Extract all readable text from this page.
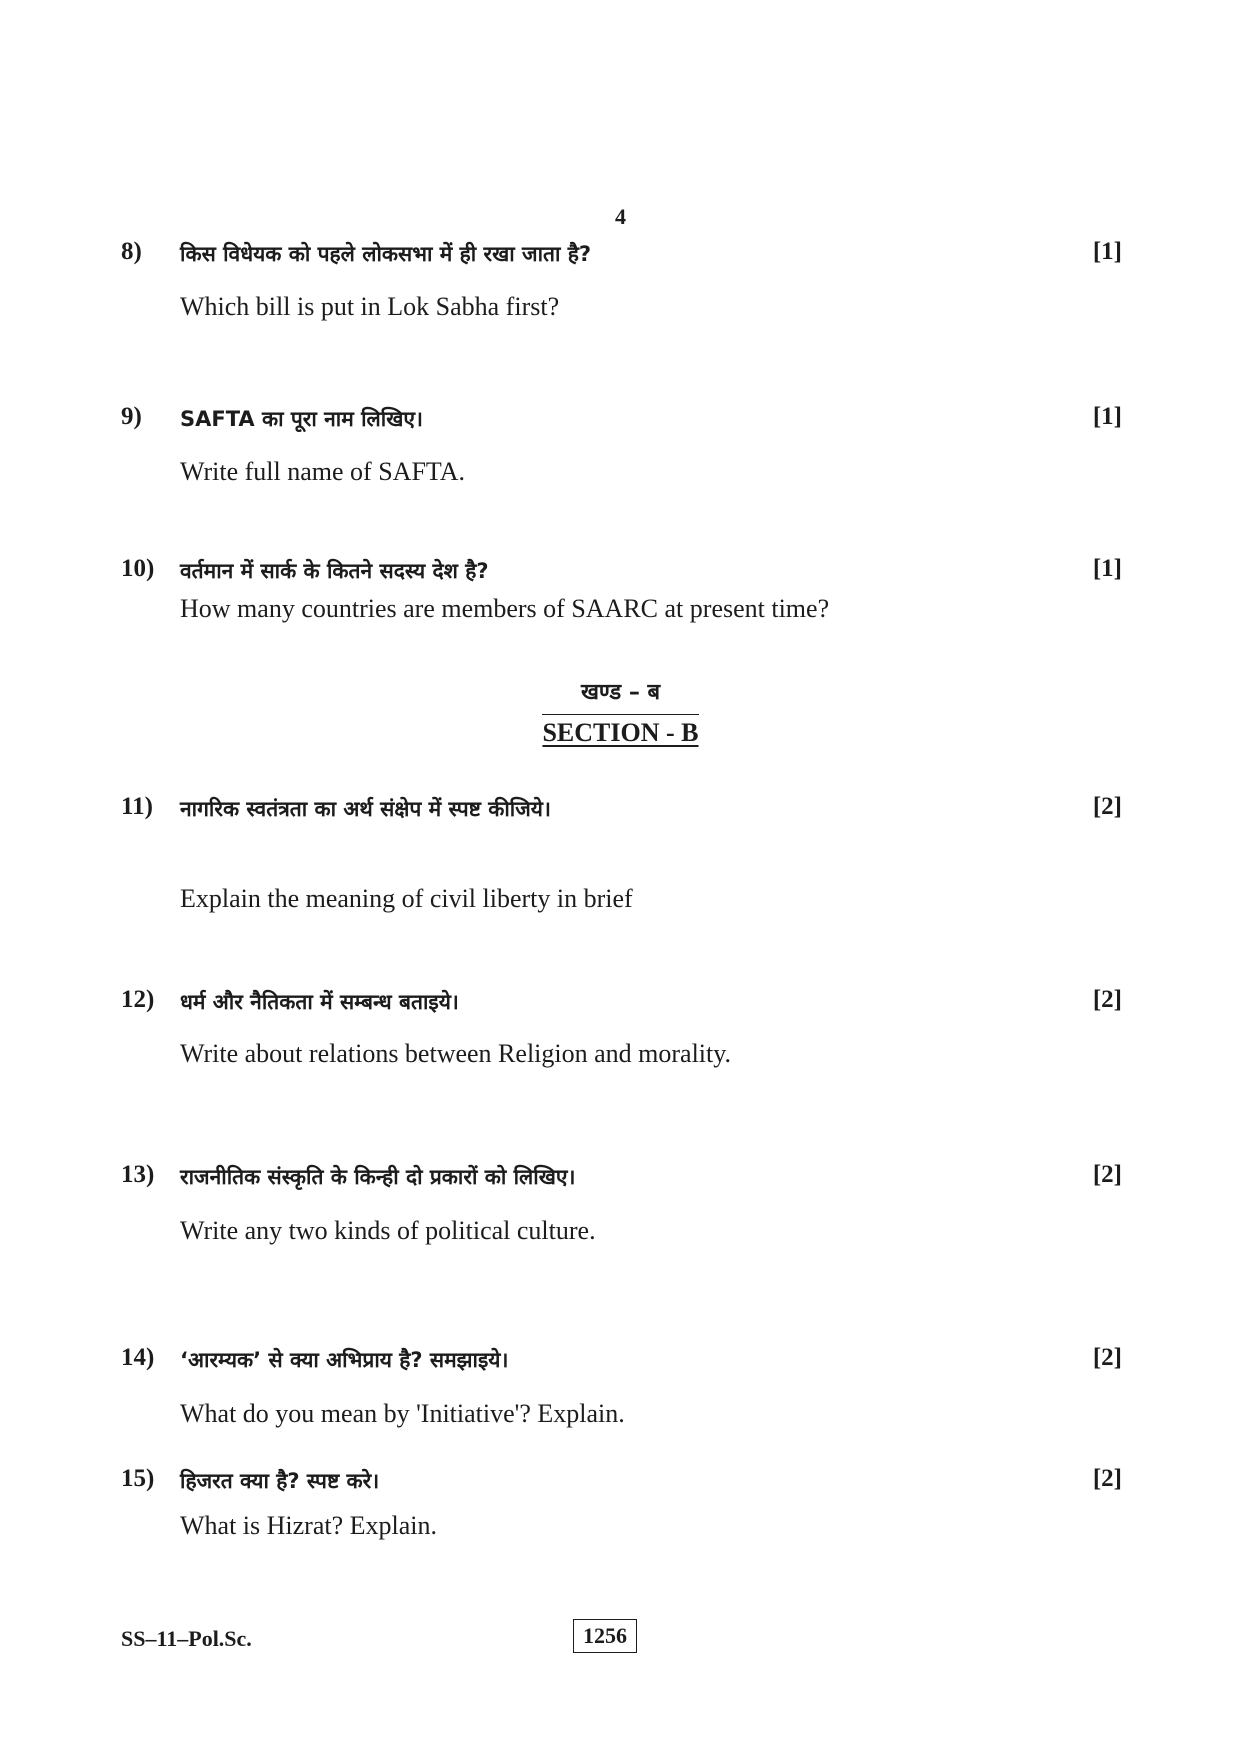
4
8) किस विधेयक को पहले लोकसभा में ही रखा जाता है?	[1]
Which bill is put in Lok Sabha first?
9) SAFTA का पूरा नाम लिखिए।	[1]
Write full name of SAFTA.
10) वर्तमान में सार्क के कितने सदस्य देश है?	[1]
How many countries are members of SAARC at present time?
खण्ड – ब
SECTION - B
11) नागरिक स्वतंत्रता का अर्थ संक्षेप में स्पष्ट कीजिये।	[2]
Explain the meaning of civil liberty in brief
12) धर्म और नैतिकता में सम्बन्ध बताइये।	[2]
Write about relations between Religion and morality.
13) राजनीतिक संस्कृति के किन्ही दो प्रकारों को लिखिए।	[2]
Write any two kinds of political culture.
14) ‘आरम्यक’ से क्या अभिप्राय है? समझाइये।	[2]
What do you mean by 'Initiative'? Explain.
15) हिजरत क्या है? स्पष्ट करे।	[2]
What is Hizrat? Explain.
SS–11–Pol.Sc.	1256
